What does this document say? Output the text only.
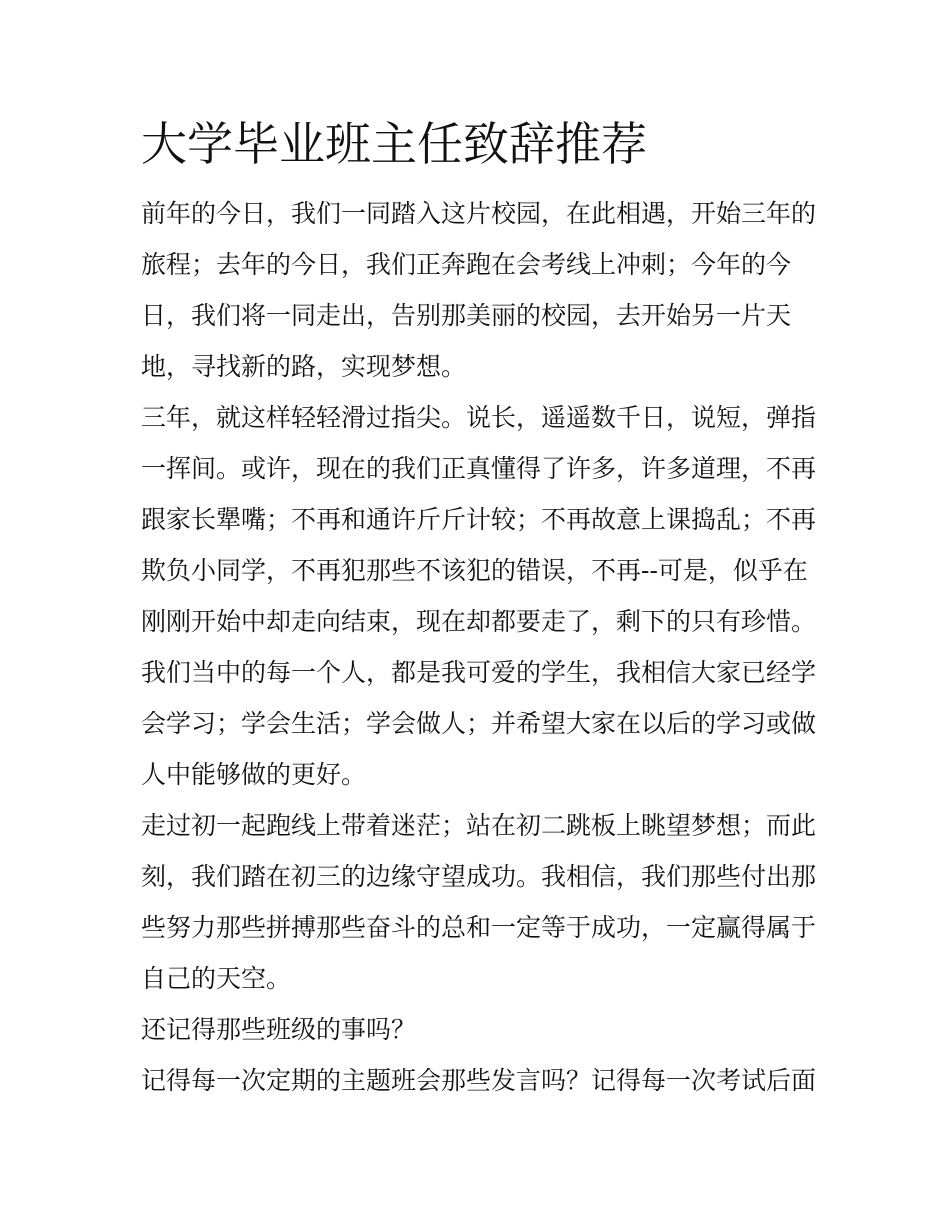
大学毕业班主任致辞推荐

前年的今日，我们一同踏入这片校园，在此相遇，开始三年的
旅程；去年的今日，我们正奔跑在会考线上冲刺；今年的今
日，我们将一同走出，告别那美丽的校园，去开始另一片天
地，寻找新的路，实现梦想。

三年，就这样轻轻滑过指尖。说长，遥遥数千日，说短，弹指
一挥间。或许，现在的我们正真懂得了许多，许多道理，不再
跟家长犟嘴；不再和通许斤斤计较；不再故意上课捣乱；不再
欺负小同学，不再犯那些不该犯的错误，不再--可是，似乎在
刚刚开始中却走向结束，现在却都要走了，剩下的只有珍惜。

我们当中的每一个人，都是我可爱的学生，我相信大家已经学
会学习；学会生活；学会做人；并希望大家在以后的学习或做
人中能够做的更好。

走过初一起跑线上带着迷茫；站在初二跳板上眺望梦想；而此
刻，我们踏在初三的边缘守望成功。我相信，我们那些付出那
些努力那些拼搏那些奋斗的总和一定等于成功，一定赢得属于
自己的天空。

还记得那些班级的事吗？

记得每一次定期的主题班会那些发言吗？记得每一次考试后面
